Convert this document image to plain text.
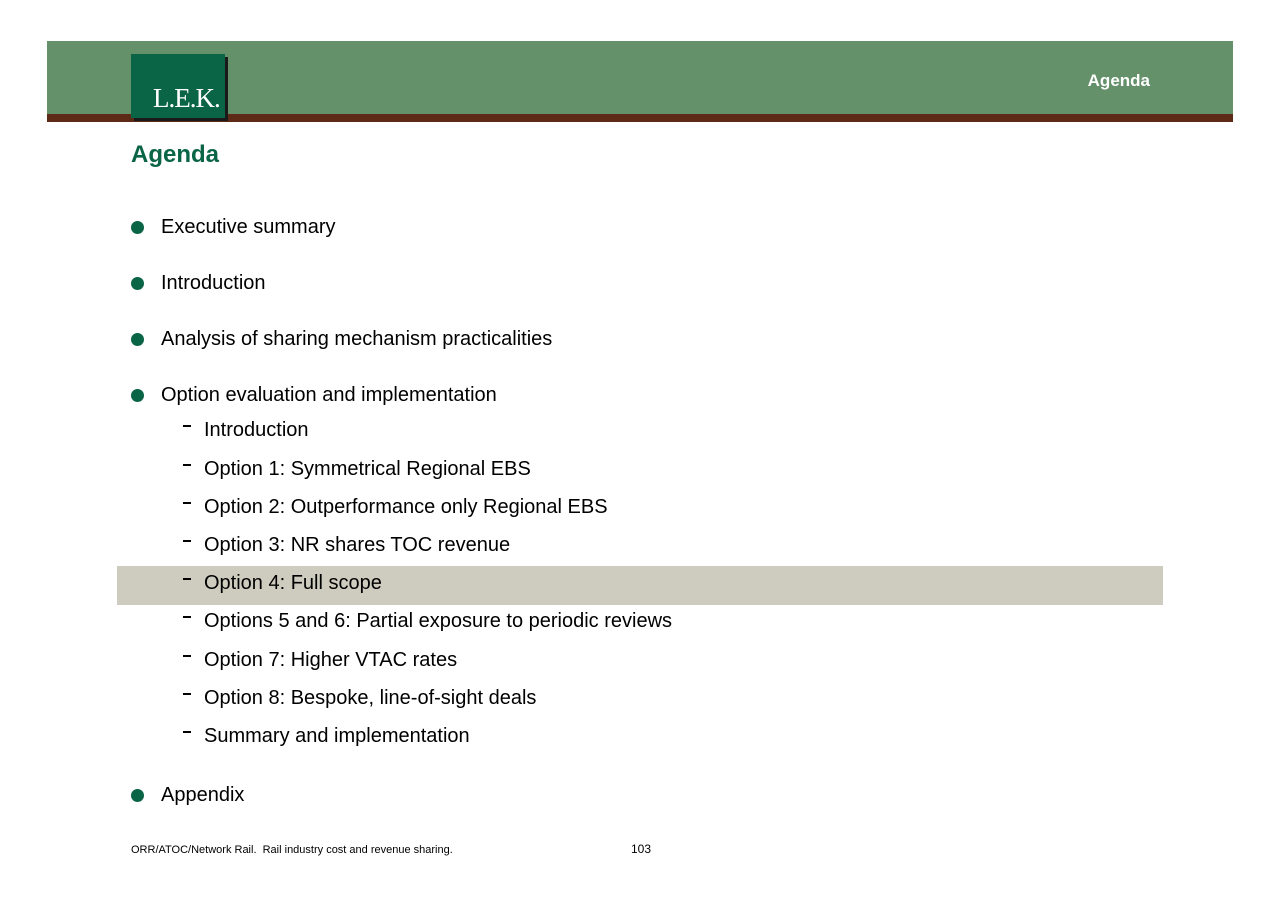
L.E.K.
Agenda
Agenda
Executive summary
Introduction
Analysis of sharing mechanism practicalities
Option evaluation and implementation
Introduction
Option 1: Symmetrical Regional EBS
Option 2: Outperformance only Regional EBS
Option 3: NR shares TOC revenue
Option 4: Full scope
Options 5 and 6: Partial exposure to periodic reviews
Option 7: Higher VTAC rates
Option 8: Bespoke, line-of-sight deals
Summary and implementation
Appendix
ORR/ATOC/Network Rail.  Rail industry cost and revenue sharing.	103
